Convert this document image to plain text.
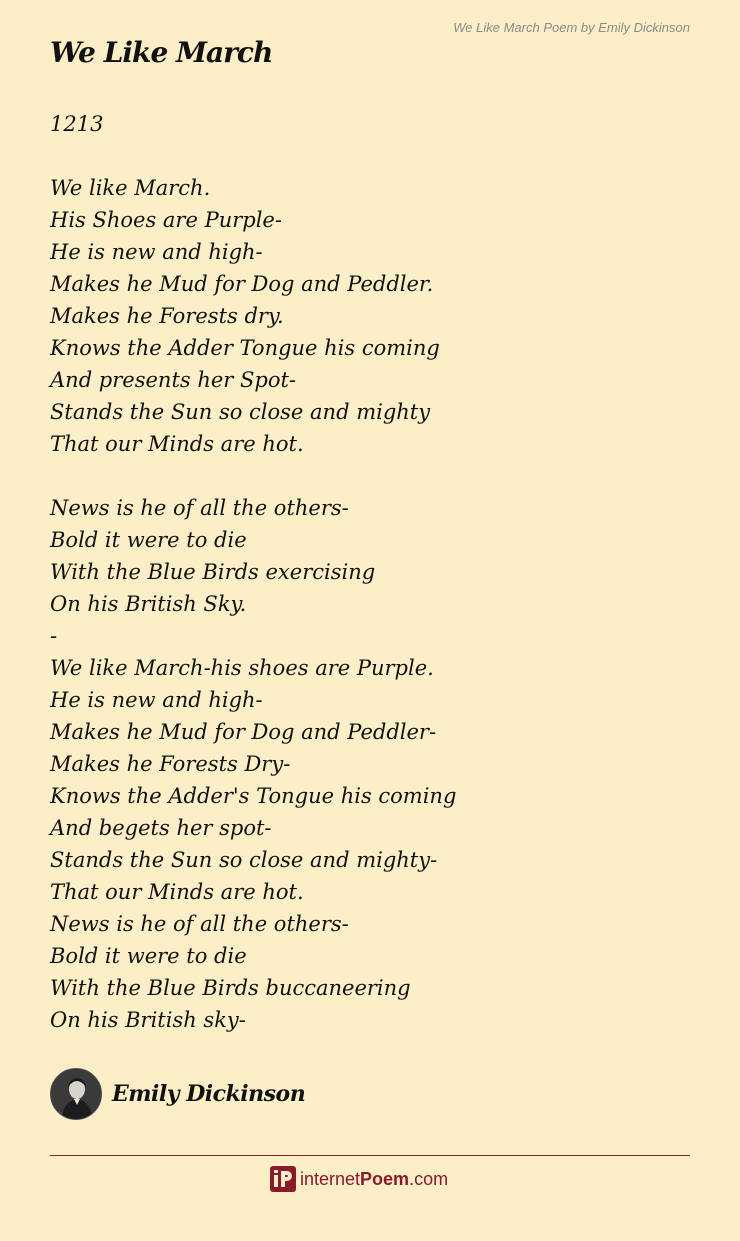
We Like March Poem by Emily Dickinson
We Like March
1213
We like March.
His Shoes are Purple-
He is new and high-
Makes he Mud for Dog and Peddler.
Makes he Forests dry.
Knows the Adder Tongue his coming
And presents her Spot-
Stands the Sun so close and mighty
That our Minds are hot.
News is he of all the others-
Bold it were to die
With the Blue Birds exercising
On his British Sky.
-
We like March-his shoes are Purple.
He is new and high-
Makes he Mud for Dog and Peddler-
Makes he Forests Dry-
Knows the Adder's Tongue his coming
And begets her spot-
Stands the Sun so close and mighty-
That our Minds are hot.
News is he of all the others-
Bold it were to die
With the Blue Birds buccaneering
On his British sky-
Emily Dickinson
internet Poem .com
